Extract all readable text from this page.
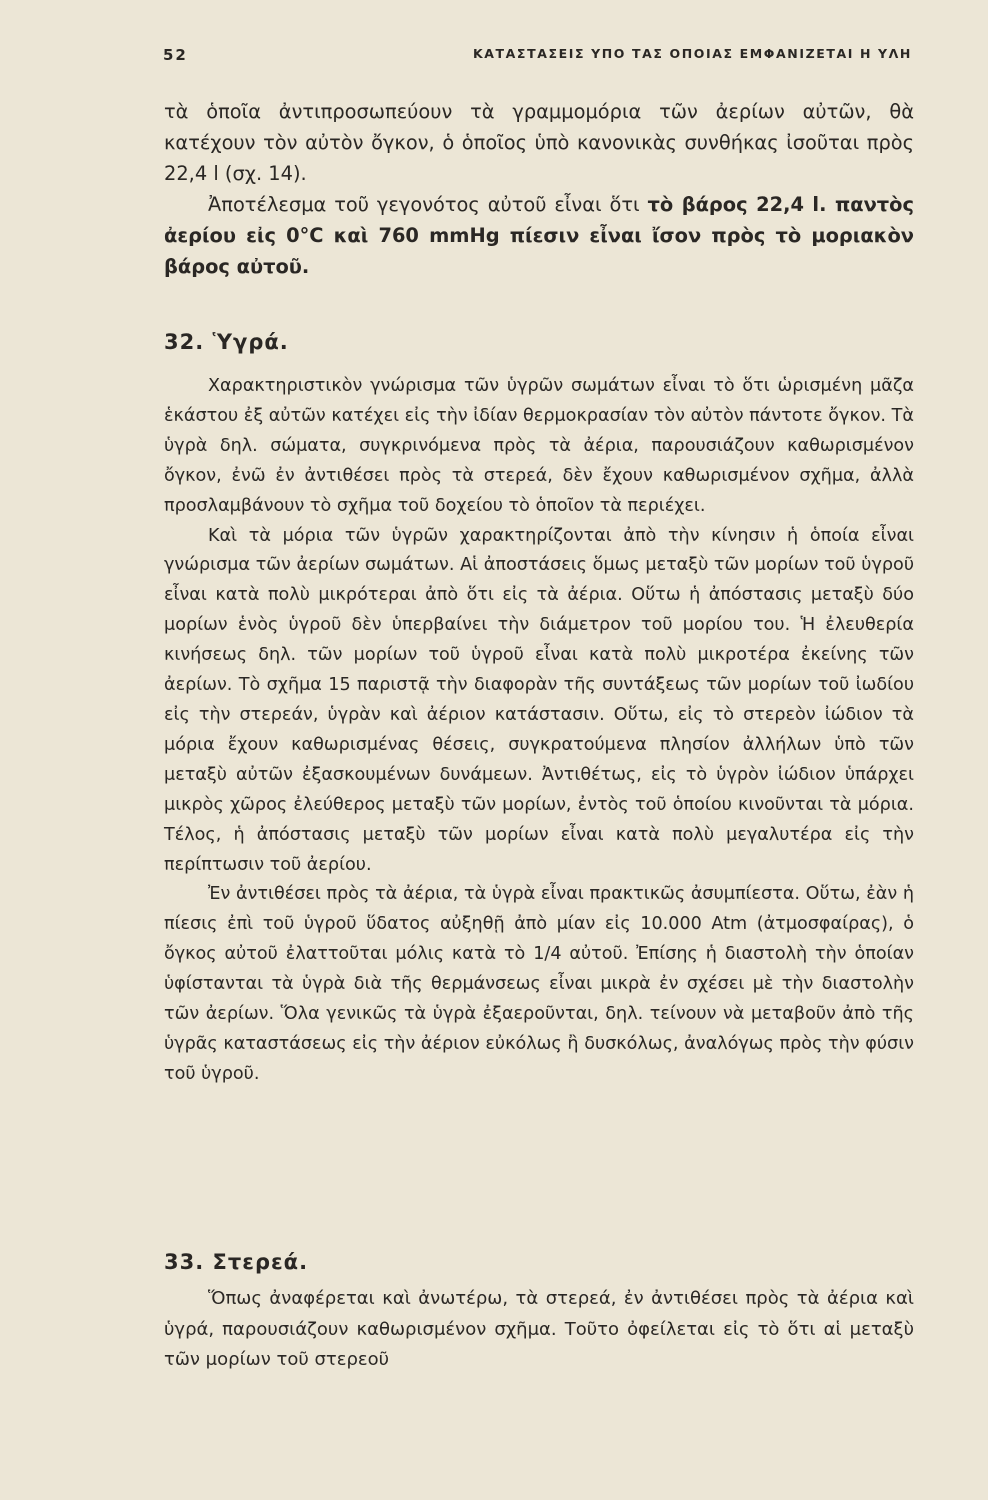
52	ΚΑΤΑΣΤΑΣΕΙΣ ΥΠΟ ΤΑΣ ΟΠΟΙΑΣ ΕΜΦΑΝΙΖΕΤΑΙ Η ΥΛΗ

τὰ ὁποῖα ἀντιπροσωπεύουν τὰ γραμμομόρια τῶν ἀερίων αὐτῶν, θὰ κατέχουν τὸν αὐτὸν ὄγκον, ὁ ὁποῖος ὑπὸ κανονικὰς συνθήκας ἰσοῦται πρὸς 22,4 l (σχ. 14).

Ἀποτέλεσμα τοῦ γεγονότος αὐτοῦ εἶναι ὅτι τὸ βάρος 22,4 l. παντὸς ἀερίου εἰς 0°C καὶ 760 mmHg πίεσιν εἶναι ἴσον πρὸς τὸ μοριακὸν βάρος αὐτοῦ.

32. Ὑγρά.

Χαρακτηριστικὸν γνώρισμα τῶν ὑγρῶν σωμάτων εἶναι τὸ ὅτι ὡρισμένη μᾶζα ἑκάστου ἐξ αὐτῶν κατέχει εἰς τὴν ἰδίαν θερμοκρασίαν τὸν αὐτὸν πάντοτε ὄγκον. Τὰ ὑγρὰ δηλ. σώματα, συγκρινόμενα πρὸς τὰ ἀέρια, παρουσιάζουν καθωρισμένον ὄγκον, ἐνῶ ἐν ἀντιθέσει πρὸς τὰ στερεά, δὲν ἔχουν καθωρισμένον σχῆμα, ἀλλὰ προσλαμβάνουν τὸ σχῆμα τοῦ δοχείου τὸ ὁποῖον τὰ περιέχει.

Καὶ τὰ μόρια τῶν ὑγρῶν χαρακτηρίζονται ἀπὸ τὴν κίνησιν ἡ ὁποία εἶναι γνώρισμα τῶν ἀερίων σωμάτων. Αἱ ἀποστάσεις ὅμως μεταξὺ τῶν μορίων τοῦ ὑγροῦ εἶναι κατὰ πολὺ μικρότεραι ἀπὸ ὅτι εἰς τὰ ἀέρια. Οὕτω ἡ ἀπόστασις μεταξὺ δύο μορίων ἑνὸς ὑγροῦ δὲν ὑπερβαίνει τὴν διάμετρον τοῦ μορίου του. Ἡ ἐλευθερία κινήσεως δηλ. τῶν μορίων τοῦ ὑγροῦ εἶναι κατὰ πολὺ μικροτέρα ἐκείνης τῶν ἀερίων. Τὸ σχῆμα 15 παριστᾷ τὴν διαφορὰν τῆς συντάξεως τῶν μορίων τοῦ ἰωδίου εἰς τὴν στερεάν, ὑγρὰν καὶ ἀέριον κατάστασιν. Οὕτω, εἰς τὸ στερεὸν ἰώδιον τὰ μόρια ἔχουν καθωρισμένας θέσεις, συγκρατούμενα πλησίον ἀλλήλων ὑπὸ τῶν μεταξὺ αὐτῶν ἐξασκουμένων δυνάμεων. Ἀντιθέτως, εἰς τὸ ὑγρὸν ἰώδιον ὑπάρχει μικρὸς χῶρος ἐλεύθερος μεταξὺ τῶν μορίων, ἐντὸς τοῦ ὁποίου κινοῦνται τὰ μόρια. Τέλος, ἡ ἀπόστασις μεταξὺ τῶν μορίων εἶναι κατὰ πολὺ μεγαλυτέρα εἰς τὴν περίπτωσιν τοῦ ἀερίου.

Ἐν ἀντιθέσει πρὸς τὰ ἀέρια, τὰ ὑγρὰ εἶναι πρακτικῶς ἀσυμπίεστα. Οὕτω, ἐὰν ἡ πίεσις ἐπὶ τοῦ ὑγροῦ ὕδατος αὐξηθῇ ἀπὸ μίαν εἰς 10.000 Atm (ἀτμοσφαίρας), ὁ ὄγκος αὐτοῦ ἐλαττοῦται μόλις κατὰ τὸ 1/4 αὐτοῦ. Ἐπίσης ἡ διαστολὴ τὴν ὁποίαν ὑφίστανται τὰ ὑγρὰ διὰ τῆς θερμάνσεως εἶναι μικρὰ ἐν σχέσει μὲ τὴν διαστολὴν τῶν ἀερίων. Ὅλα γενικῶς τὰ ὑγρὰ ἐξαεροῦνται, δηλ. τείνουν νὰ μεταβοῦν ἀπὸ τῆς ὑγρᾶς καταστάσεως εἰς τὴν ἀέριον εὐκόλως ἢ δυσκόλως, ἀναλόγως πρὸς τὴν φύσιν τοῦ ὑγροῦ.

33. Στερεά.

Ὅπως ἀναφέρεται καὶ ἀνωτέρω, τὰ στερεά, ἐν ἀντιθέσει πρὸς τὰ ἀέρια καὶ ὑγρά, παρουσιάζουν καθωρισμένον σχῆμα. Τοῦτο ὀφείλεται εἰς τὸ ὅτι αἱ μεταξὺ τῶν μορίων τοῦ στερεοῦ
